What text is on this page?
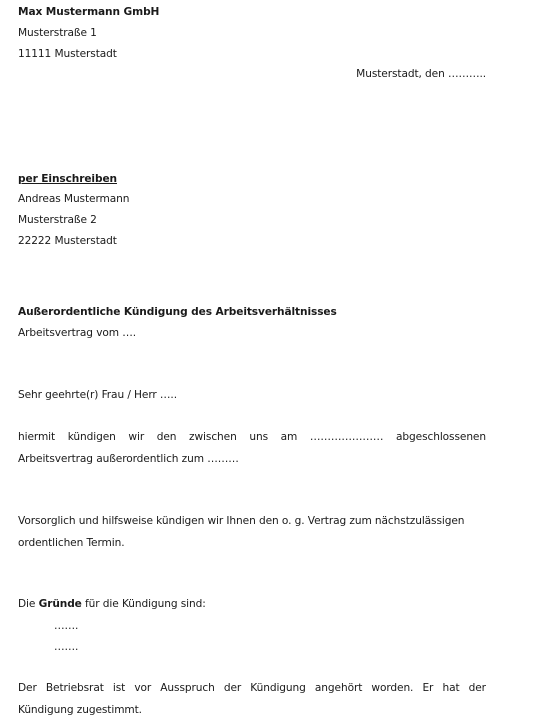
Max Mustermann GmbH
Musterstraße 1
11111 Musterstadt
Musterstadt, den ………..
per Einschreiben
Andreas Mustermann
Musterstraße 2
22222 Musterstadt
Außerordentliche Kündigung des Arbeitsverhältnisses
Arbeitsvertrag vom ….
Sehr geehrte(r) Frau / Herr …..
hiermit kündigen wir den zwischen uns am ………………… abgeschlossenen
Arbeitsvertrag außerordentlich zum ………
Vorsorglich und hilfsweise kündigen wir Ihnen den o. g. Vertrag zum nächstzulässigen
ordentlichen Termin.
Die Gründe für die Kündigung sind:
…….
…….
Der Betriebsrat ist vor Ausspruch der Kündigung angehört worden. Er hat der
Kündigung zugestimmt.
